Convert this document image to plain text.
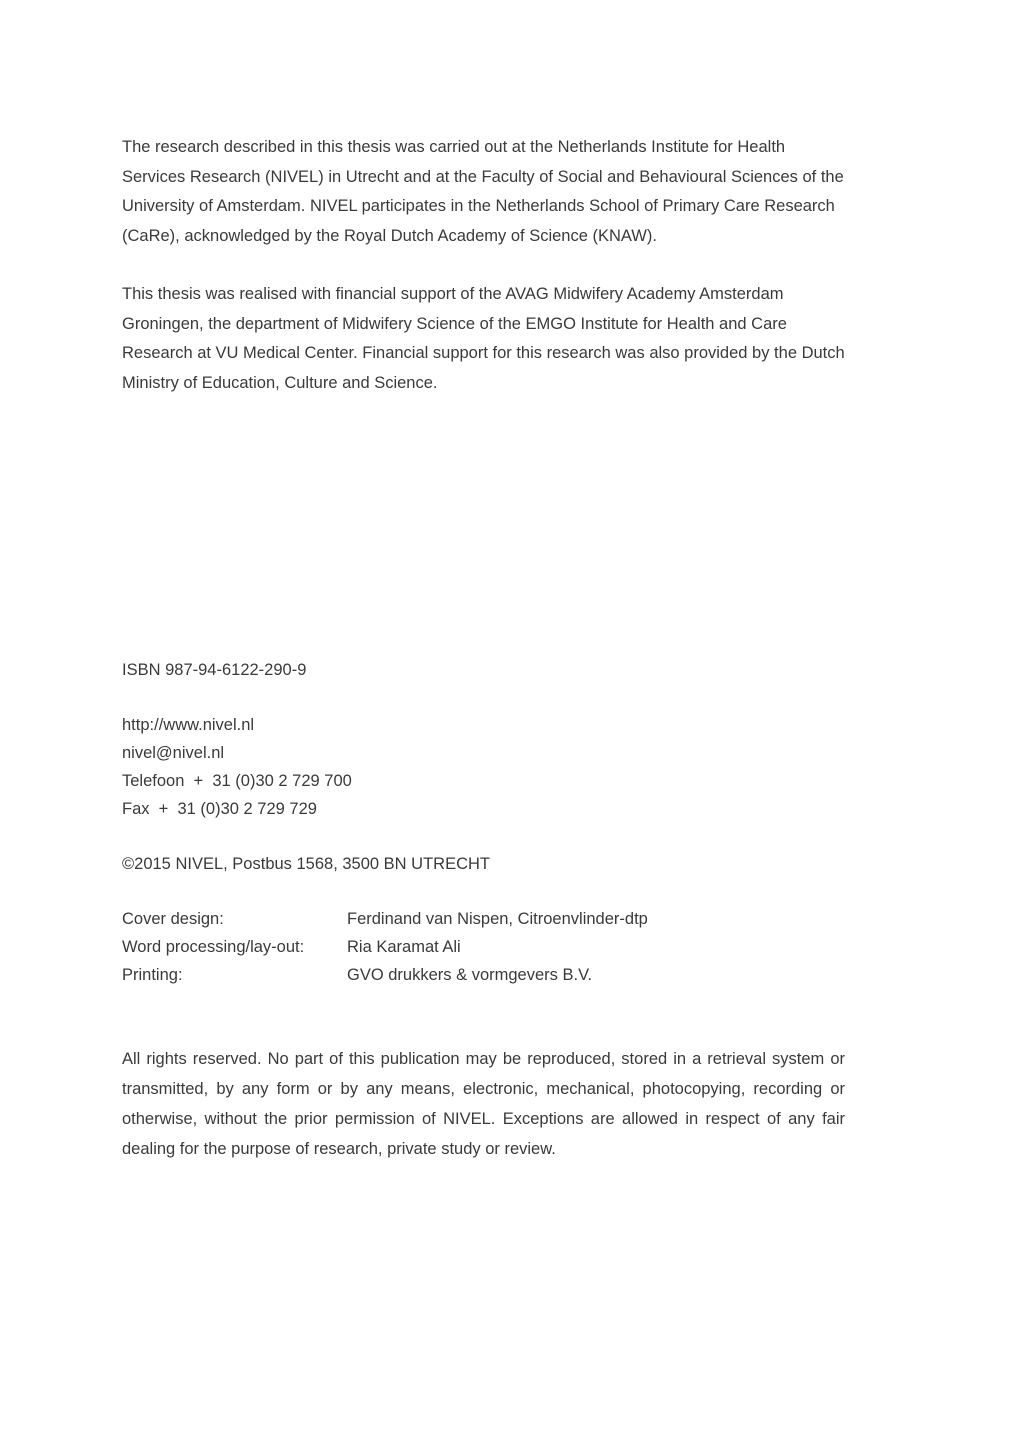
The research described in this thesis was carried out at the Netherlands Institute for Health Services Research (NIVEL) in Utrecht and at the Faculty of Social and Behavioural Sciences of the University of Amsterdam. NIVEL participates in the Netherlands School of Primary Care Research (CaRe), acknowledged by the Royal Dutch Academy of Science (KNAW).

This thesis was realised with financial support of the AVAG Midwifery Academy Amsterdam Groningen, the department of Midwifery Science of the EMGO Institute for Health and Care Research at VU Medical Center. Financial support for this research was also provided by the Dutch Ministry of Education, Culture and Science.

ISBN 987-94-6122-290-9
http://www.nivel.nl
nivel@nivel.nl
Telefoon  +  31 (0)30 2 729 700
Fax  +  31 (0)30 2 729 729
©2015 NIVEL, Postbus 1568, 3500 BN UTRECHT
Cover design:	Ferdinand van Nispen, Citroenvlinder-dtp
Word processing/lay-out:	Ria Karamat Ali
Printing:	GVO drukkers & vormgevers B.V.

All rights reserved. No part of this publication may be reproduced, stored in a retrieval system or transmitted, by any form or by any means, electronic, mechanical, photocopying, recording or otherwise, without the prior permission of NIVEL. Exceptions are allowed in respect of any fair dealing for the purpose of research, private study or review.
